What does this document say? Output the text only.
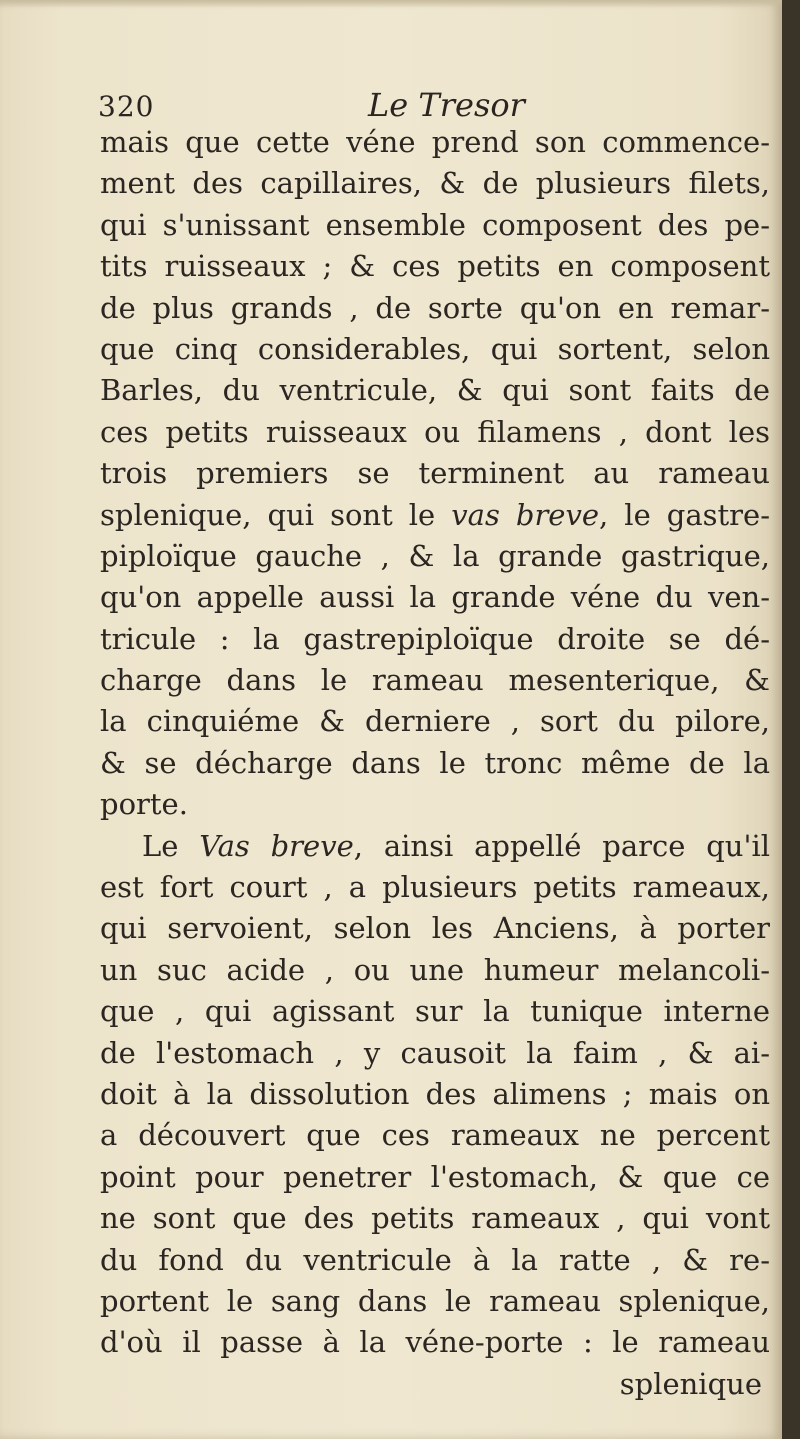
320	Le Tresor
mais que cette véne prend son commence-
ment des capillaires, & de plusieurs filets,
qui s'unissant ensemble composent des pe-
tits ruisseaux ; & ces petits en composent
de plus grands , de sorte qu'on en remar-
que cinq considerables, qui sortent, selon
Barles, du ventricule, & qui sont faits de
ces petits ruisseaux ou filamens , dont les
trois premiers se terminent au rameau
splenique, qui sont le vas breve, le gastre-
piploïque gauche , & la grande gastrique,
qu'on appelle aussi la grande véne du ven-
tricule : la gastrepiploïque droite se dé-
charge dans le rameau mesenterique, &
la cinquiéme & derniere , sort du pilore,
& se décharge dans le tronc même de la
porte.
Le Vas breve, ainsi appellé parce qu'il
est fort court , a plusieurs petits rameaux,
qui servoient, selon les Anciens, à porter
un suc acide , ou une humeur melancoli-
que , qui agissant sur la tunique interne
de l'estomach , y causoit la faim , & ai-
doit à la dissolution des alimens ; mais on
a découvert que ces rameaux ne percent
point pour penetrer l'estomach, & que ce
ne sont que des petits rameaux , qui vont
du fond du ventricule à la ratte , & re-
portent le sang dans le rameau splenique,
d'où il passe à la véne-porte : le rameau
splenique
